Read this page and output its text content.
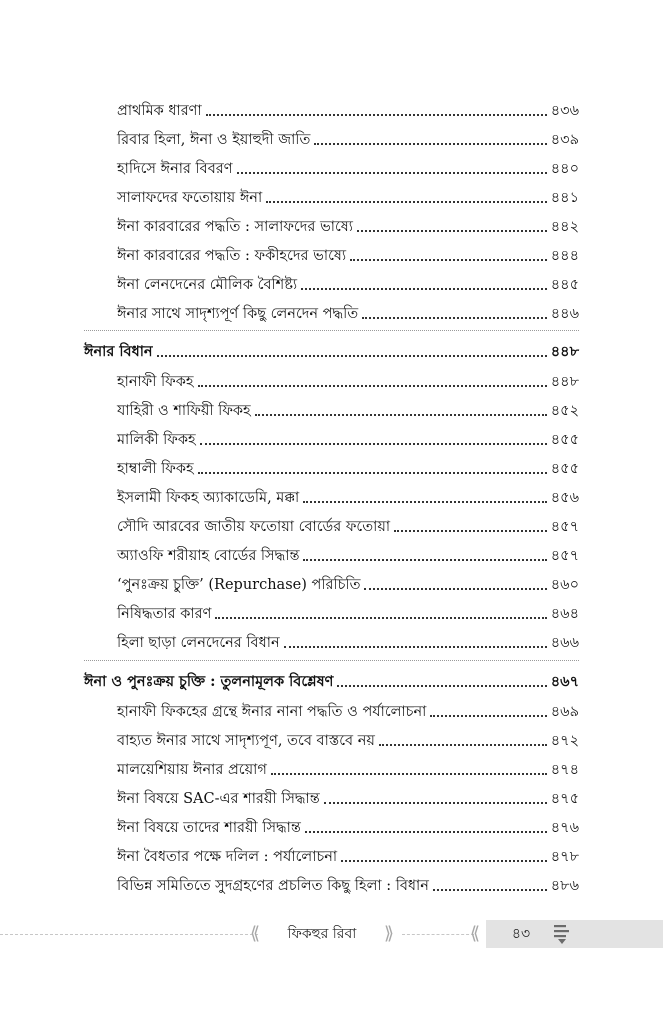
প্রাথমিক ধারণা	৪৩৬
রিবার হিলা, ঈনা ও ইয়াহুদী জাতি	৪৩৯
হাদিসে ঈনার বিবরণ	৪৪০
সালাফদের ফতোয়ায় ঈনা	৪৪১
ঈনা কারবারের পদ্ধতি : সালাফদের ভাষ্যে	৪৪২
ঈনা কারবারের পদ্ধতি : ফকীহদের ভাষ্যে	৪৪৪
ঈনা লেনদেনের মৌলিক বৈশিষ্ট্য	৪৪৫
ঈনার সাথে সাদৃশ্যপূর্ণ কিছু লেনদেন পদ্ধতি	৪৪৬
ঈনার বিধান	৪৪৮
হানাফী ফিকহ	৪৪৮
যাহিরী ও শাফিয়ী ফিকহ	৪৫২
মালিকী ফিকহ	৪৫৫
হাম্বালী ফিকহ	৪৫৫
ইসলামী ফিকহ অ্যাকাডেমি, মক্কা	৪৫৬
সৌদি আরবের জাতীয় ফতোয়া বোর্ডের ফতোয়া	৪৫৭
অ্যাওফি শরীয়াহ বোর্ডের সিদ্ধান্ত	৪৫৭
‘পুনঃক্রয় চুক্তি’ (Repurchase) পরিচিতি	৪৬০
নিষিদ্ধতার কারণ	৪৬৪
হিলা ছাড়া লেনদেনের বিধান	৪৬৬
ঈনা ও পুনঃক্রয় চুক্তি : তুলনামূলক বিশ্লেষণ	৪৬৭
হানাফী ফিকহের গ্রন্থে ঈনার নানা পদ্ধতি ও পর্যালোচনা	৪৬৯
বাহ্যত ঈনার সাথে সাদৃশ্যপূণ, তবে বাস্তবে নয়	৪৭২
মালয়েশিয়ায় ঈনার প্রয়োগ	৪৭৪
ঈনা বিষয়ে SAC-এর শারয়ী সিদ্ধান্ত	৪৭৫
ঈনা বিষয়ে তাদের শারয়ী সিদ্ধান্ত	৪৭৬
ঈনা বৈধতার পক্ষে দলিল : পর্যালোচনা	৪৭৮
বিভিন্ন সমিতিতে সুদগ্রহণের প্রচলিত কিছু হিলা : বিধান	৪৮৬
⟪	ফিকহুর রিবা	⟫	⟪	৪৩
